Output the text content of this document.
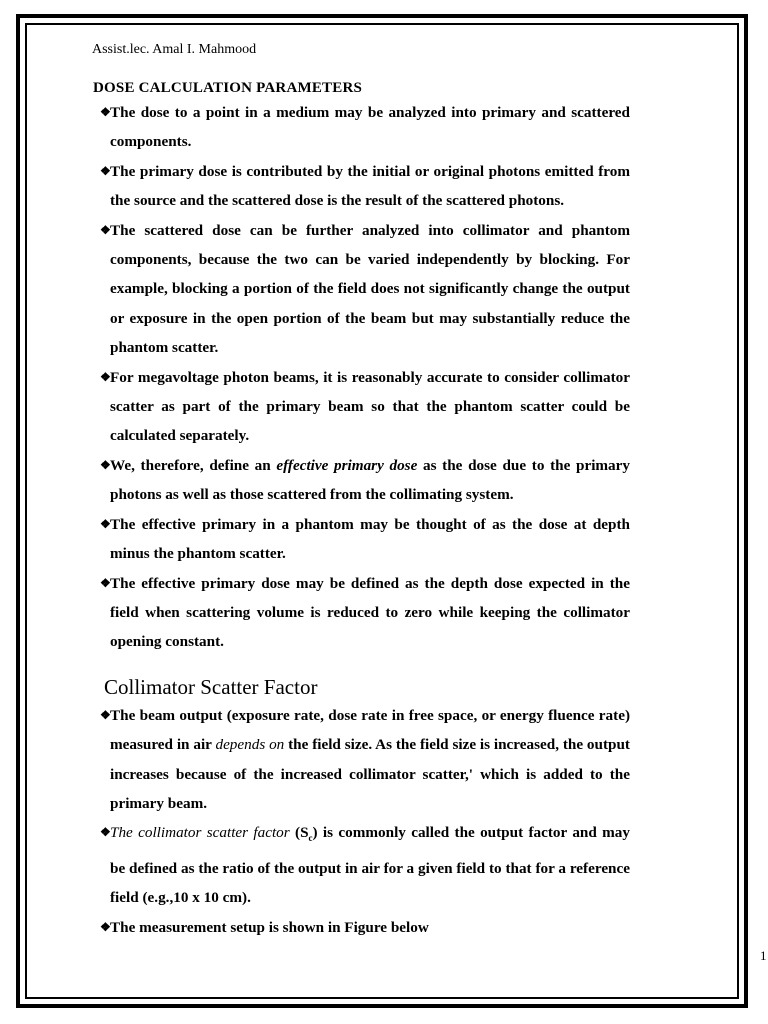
Assist.lec. Amal I. Mahmood
DOSE CALCULATION PARAMETERS
❖ The dose to a point in a medium may be analyzed into primary and scattered components.
❖ The primary dose is contributed by the initial or original photons emitted from the source and the scattered dose is the result of the scattered photons.
❖ The scattered dose can be further analyzed into collimator and phantom components, because the two can be varied independently by blocking. For example, blocking a portion of the field does not significantly change the output or exposure in the open portion of the beam but may substantially reduce the phantom scatter.
❖ For megavoltage photon beams, it is reasonably accurate to consider collimator scatter as part of the primary beam so that the phantom scatter could be calculated separately.
❖ We, therefore, define an effective primary dose as the dose due to the primary photons as well as those scattered from the collimating system.
❖ The effective primary in a phantom may be thought of as the dose at depth minus the phantom scatter.
❖ The effective primary dose may be defined as the depth dose expected in the field when scattering volume is reduced to zero while keeping the collimator opening constant.
Collimator Scatter Factor
❖ The beam output (exposure rate, dose rate in free space, or energy fluence rate) measured in air depends on the field size. As the field size is increased, the output increases because of the increased collimator scatter,' which is added to the primary beam.
❖ The collimator scatter factor $(S_c)$ is commonly called the output factor and may be defined as the ratio of the output in air for a given field to that for a reference field (e.g.,10 x 10 cm).
❖ The measurement setup is shown in Figure below
1
